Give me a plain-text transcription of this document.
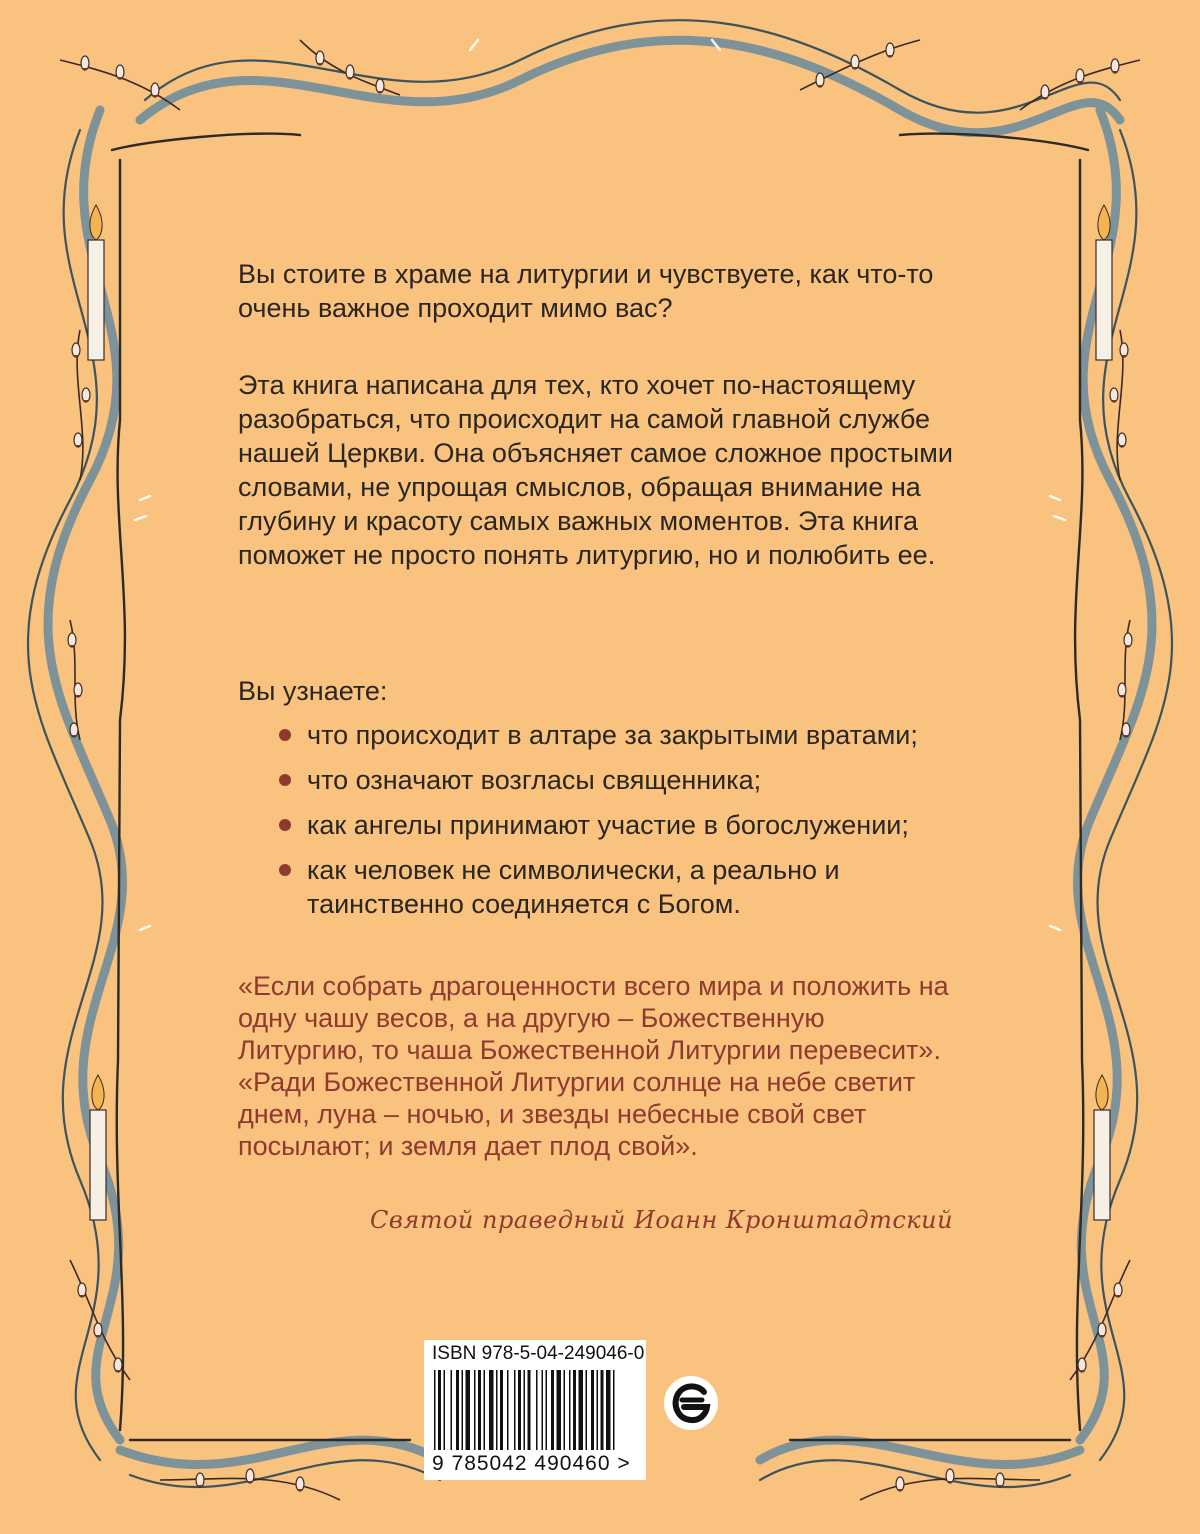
Вы стоите в храме на литургии и чувствуете, как что-то очень важное проходит мимо вас?

Эта книга написана для тех, кто хочет по-настоящему разобраться, что происходит на самой главной службе нашей Церкви. Она объясняет самое сложное простыми словами, не упрощая смыслов, обращая внимание на глубину и красоту самых важных моментов. Эта книга поможет не просто понять литургию, но и полюбить ее.

Вы узнаете:

что происходит в алтаре за закрытыми вратами;
что означают возгласы священника;
как ангелы принимают участие в богослужении;
как человек не символически, а реально и таинственно соединяется с Богом.

«Если собрать драгоценности всего мира и положить на одну чашу весов, а на другую – Божественную Литургию, то чаша Божественной Литургии перевесит». «Ради Божественной Литургии солнце на небе светит днем, луна – ночью, и звезды небесные свой свет посылают; и земля дает плод свой».

Святой праведный Иоанн Кронштадтский
ISBN 978-5-04-249046-0
9 785042 490460 >
